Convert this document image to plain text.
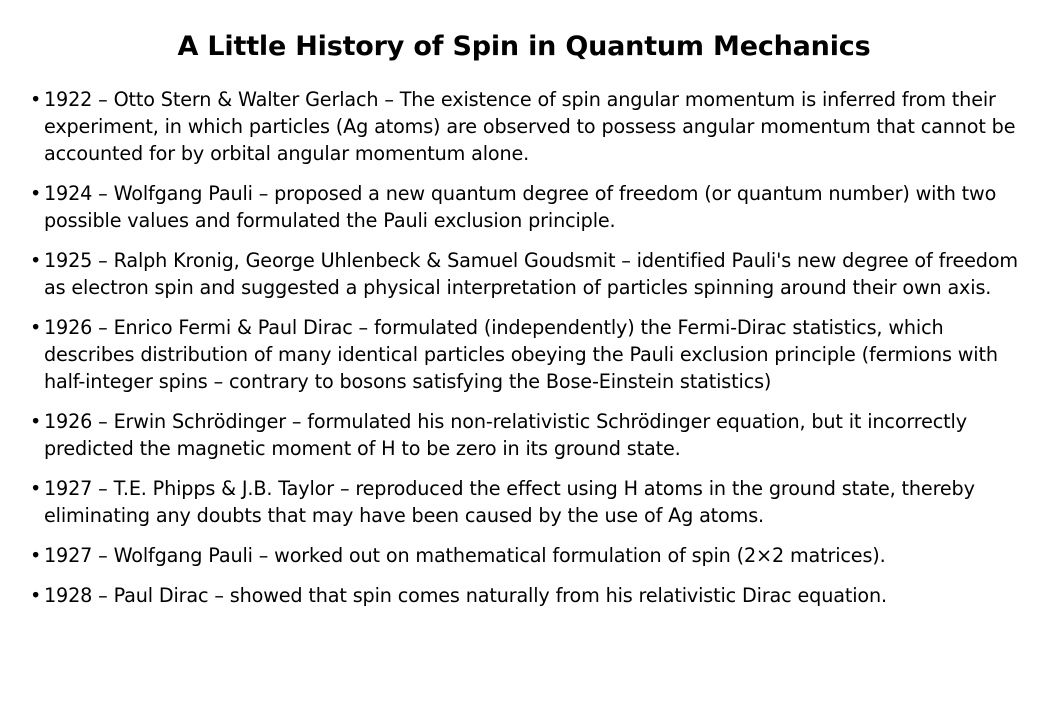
A Little History of Spin in Quantum Mechanics
• 1922 – Otto Stern & Walter Gerlach – The existence of spin angular momentum is inferred from their experiment, in which particles (Ag atoms) are observed to possess angular momentum that cannot be accounted for by orbital angular momentum alone.
• 1924 – Wolfgang Pauli – proposed a new quantum degree of freedom (or quantum number) with two possible values and formulated the Pauli exclusion principle.
• 1925 – Ralph Kronig, George Uhlenbeck & Samuel Goudsmit – identified Pauli's new degree of freedom as electron spin and suggested a physical interpretation of particles spinning around their own axis.
• 1926 – Enrico Fermi & Paul Dirac – formulated (independently) the Fermi-Dirac statistics, which describes distribution of many identical particles obeying the Pauli exclusion principle (fermions with half-integer spins – contrary to bosons satisfying the Bose-Einstein statistics)
• 1926 – Erwin Schrödinger – formulated his non-relativistic Schrödinger equation, but it incorrectly predicted the magnetic moment of H to be zero in its ground state.
• 1927 – T.E. Phipps & J.B. Taylor – reproduced the effect using H atoms in the ground state, thereby eliminating any doubts that may have been caused by the use of Ag atoms.
• 1927 – Wolfgang Pauli – worked out on mathematical formulation of spin (2×2 matrices).
• 1928 – Paul Dirac – showed that spin comes naturally from his relativistic Dirac equation.
